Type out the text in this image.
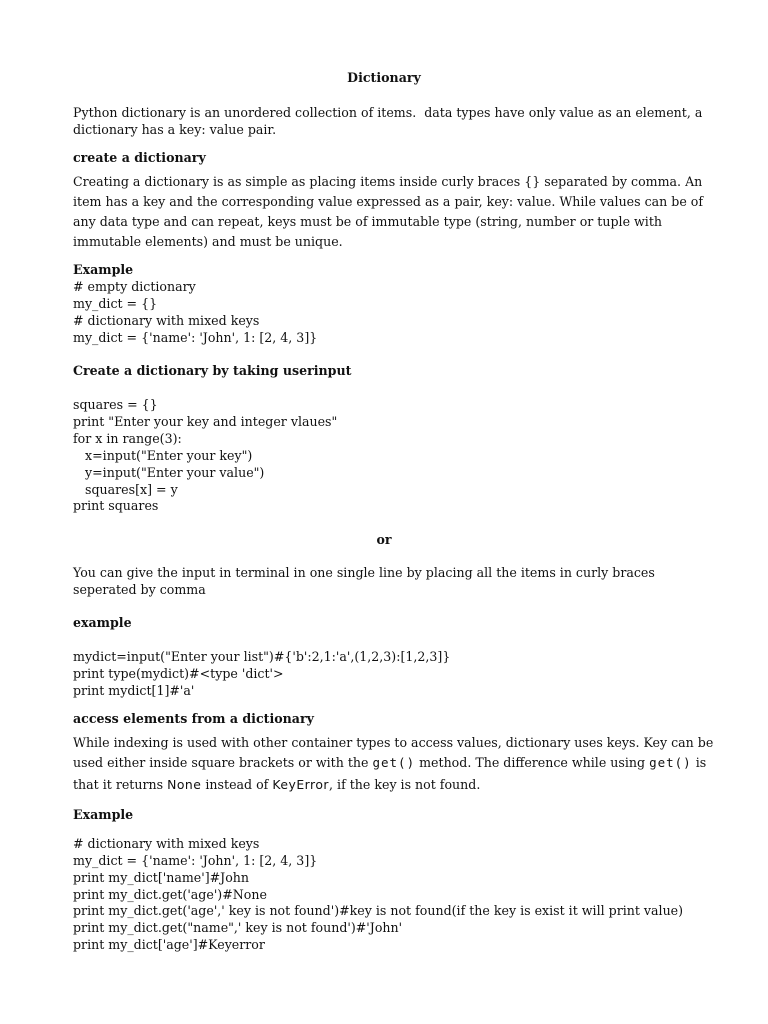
Dictionary

Python dictionary is an unordered collection of items.  data types have only value as an element, a

dictionary has a key: value pair.

create a dictionary

Creating a dictionary is as simple as placing items inside curly braces {} separated by comma. An

item has a key and the corresponding value expressed as a pair, key: value. While values can be of

any data type and can repeat, keys must be of immutable type (string, number or tuple with

immutable elements) and must be unique.

Example

# empty dictionary

my_dict = {}

# dictionary with mixed keys

my_dict = {'name': 'John', 1: [2, 4, 3]}

Create a dictionary by taking userinput

squares = {}

print "Enter your key and integer vlaues"

for x in range(3):

x=input("Enter your key")

y=input("Enter your value")

squares[x] = y

print squares

or

You can give the input in terminal in one single line by placing all the items in curly braces

seperated by comma

example

mydict=input("Enter your list")#{'b':2,1:'a',(1,2,3):[1,2,3]}

print type(mydict)#<type 'dict'>

print mydict[1]#'a'

access elements from a dictionary

While indexing is used with other container types to access values, dictionary uses keys. Key can be

used either inside square brackets or with the get() method. The difference while using get() is

that it returns None instead of KeyError, if the key is not found.

Example

# dictionary with mixed keys

my_dict = {'name': 'John', 1: [2, 4, 3]}

print my_dict['name']#John

print my_dict.get('age')#None

print my_dict.get('age',' key is not found')#key is not found(if the key is exist it will print value)

print my_dict.get("name",' key is not found')#'John'

print my_dict['age']#Keyerror
